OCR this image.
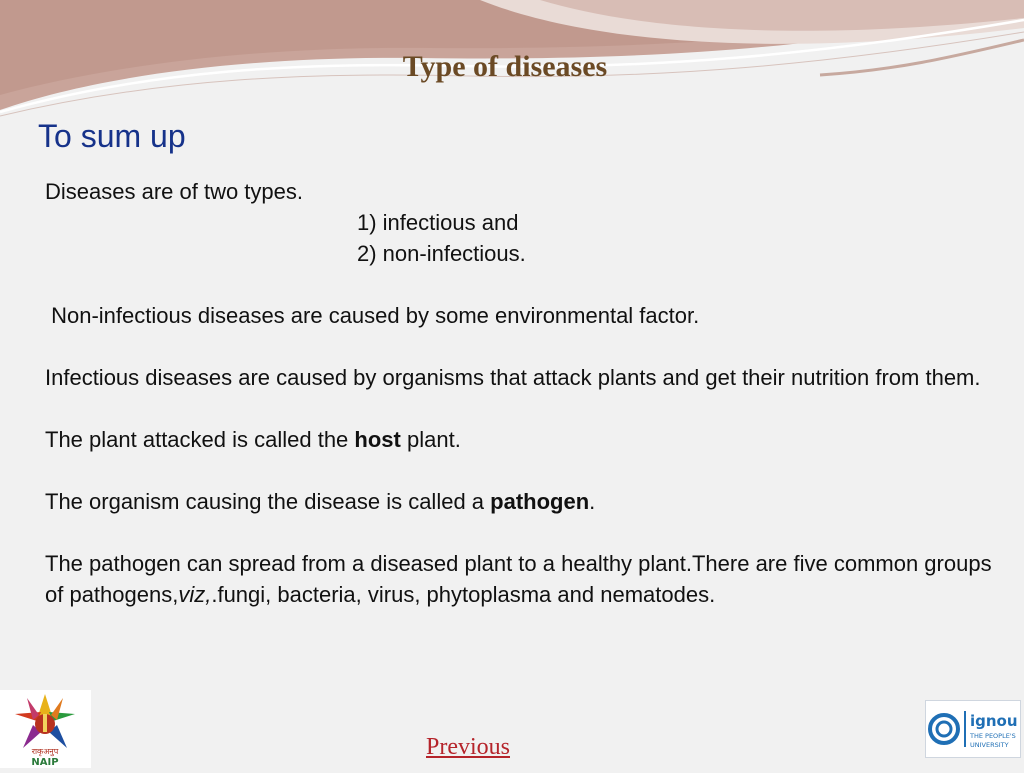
Type of diseases
To sum up

Diseases are of two types.

1) infectious and

2) non-infectious.

Non-infectious diseases are caused by some environmental factor.

Infectious diseases are caused by organisms that attack plants and get their nutrition from them.

The plant attacked is called the host plant.

The organism causing the disease is called a pathogen.

The pathogen can spread from a diseased plant to a healthy plant.There are five common groups of pathogens,viz,.fungi, bacteria, virus, phytoplasma and nematodes.

राकृअनुप
NAIP
Previous
ignou
THE PEOPLE'S
UNIVERSITY
